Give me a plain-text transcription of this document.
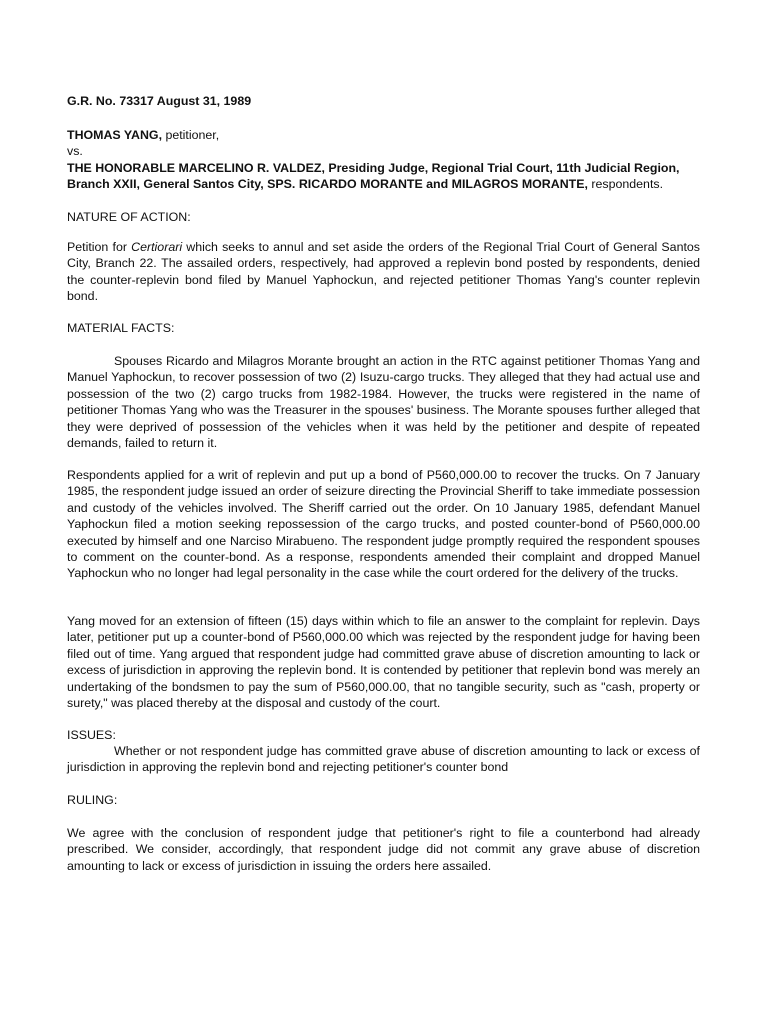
G.R. No. 73317 August 31, 1989

THOMAS YANG, petitioner,
vs.
THE HONORABLE MARCELINO R. VALDEZ, Presiding Judge, Regional Trial Court, 11th Judicial Region, Branch XXII, General Santos City, SPS. RICARDO MORANTE and MILAGROS MORANTE, respondents.

NATURE OF ACTION:

Petition for Certiorari which seeks to annul and set aside the orders of the Regional Trial Court of General Santos City, Branch 22. The assailed orders, respectively, had approved a replevin bond posted by respondents, denied the counter-replevin bond filed by Manuel Yaphockun, and rejected petitioner Thomas Yang's counter replevin bond.

MATERIAL FACTS:

Spouses Ricardo and Milagros Morante brought an action in the RTC against petitioner Thomas Yang and Manuel Yaphockun, to recover possession of two (2) Isuzu-cargo trucks. They alleged that they had actual use and possession of the two (2) cargo trucks from 1982-1984. However, the trucks were registered in the name of petitioner Thomas Yang who was the Treasurer in the spouses' business. The Morante spouses further alleged that they were deprived of possession of the vehicles when it was held by the petitioner and despite of repeated demands, failed to return it.

Respondents applied for a writ of replevin and put up a bond of P560,000.00 to recover the trucks. On 7 January 1985, the respondent judge issued an order of seizure directing the Provincial Sheriff to take immediate possession and custody of the vehicles involved. The Sheriff carried out the order. On 10 January 1985, defendant Manuel Yaphockun filed a motion seeking repossession of the cargo trucks, and posted counter-bond of P560,000.00 executed by himself and one Narciso Mirabueno. The respondent judge promptly required the respondent spouses to comment on the counter-bond. As a response, respondents amended their complaint and dropped Manuel Yaphockun who no longer had legal personality in the case while the court ordered for the delivery of the trucks.

Yang moved for an extension of fifteen (15) days within which to file an answer to the complaint for replevin. Days later, petitioner put up a counter-bond of P560,000.00 which was rejected by the respondent judge for having been filed out of time. Yang argued that respondent judge had committed grave abuse of discretion amounting to lack or excess of jurisdiction in approving the replevin bond. It is contended by petitioner that replevin bond was merely an undertaking of the bondsmen to pay the sum of P560,000.00, that no tangible security, such as "cash, property or surety," was placed thereby at the disposal and custody of the court.

ISSUES:

Whether or not respondent judge has committed grave abuse of discretion amounting to lack or excess of jurisdiction in approving the replevin bond and rejecting petitioner's counter bond

RULING:

We agree with the conclusion of respondent judge that petitioner's right to file a counterbond had already prescribed. We consider, accordingly, that respondent judge did not commit any grave abuse of discretion amounting to lack or excess of jurisdiction in issuing the orders here assailed.
